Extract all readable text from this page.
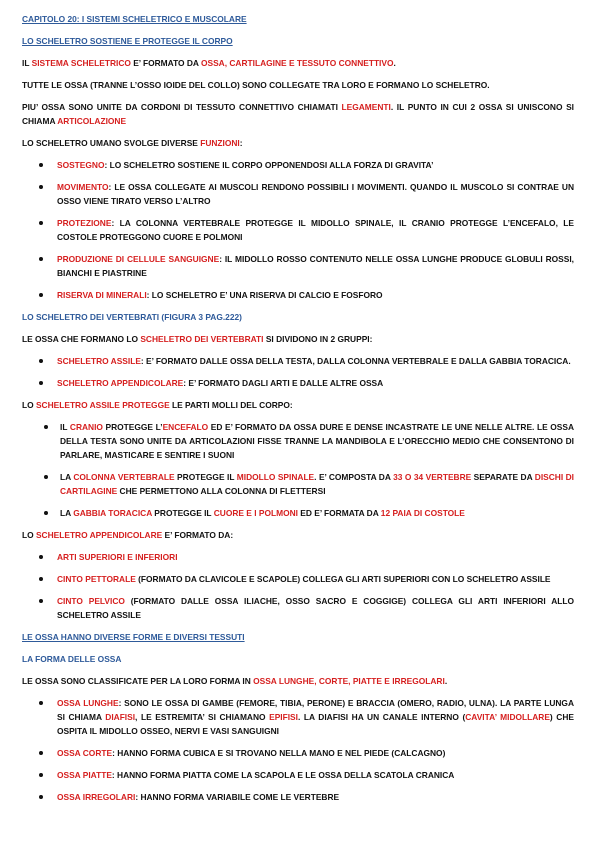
CAPITOLO 20: I SISTEMI SCHELETRICO E MUSCOLARE
LO SCHELETRO SOSTIENE E PROTEGGE IL CORPO

IL SISTEMA SCHELETRICO E’ FORMATO DA OSSA, CARTILAGINE E TESSUTO CONNETTIVO.

TUTTE LE OSSA (TRANNE L’OSSO IOIDE DEL COLLO) SONO COLLEGATE TRA LORO E FORMANO LO SCHELETRO.

PIU’ OSSA SONO UNITE DA CORDONI DI TESSUTO CONNETTIVO CHIAMATI LEGAMENTI. IL PUNTO IN CUI 2 OSSA SI UNISCONO SI CHIAMA ARTICOLAZIONE

LO SCHELETRO UMANO SVOLGE DIVERSE FUNZIONI:

SOSTEGNO: LO SCHELETRO SOSTIENE IL CORPO OPPONENDOSI ALLA FORZA DI GRAVITA’
MOVIMENTO: LE OSSA COLLEGATE AI MUSCOLI RENDONO POSSIBILI I MOVIMENTI. QUANDO IL MUSCOLO SI CONTRAE UN OSSO VIENE TIRATO VERSO L’ALTRO
PROTEZIONE: LA COLONNA VERTEBRALE PROTEGGE IL MIDOLLO SPINALE, IL CRANIO PROTEGGE L’ENCEFALO, LE COSTOLE PROTEGGONO CUORE E POLMONI
PRODUZIONE DI CELLULE SANGUIGNE: IL MIDOLLO ROSSO CONTENUTO NELLE OSSA LUNGHE PRODUCE GLOBULI ROSSI, BIANCHI E PIASTRINE
RISERVA DI MINERALI: LO SCHELETRO E’ UNA RISERVA DI CALCIO E FOSFORO
LO SCHELETRO DEI VERTEBRATI (FIGURA 3 PAG.222)

LE OSSA CHE FORMANO LO SCHELETRO DEI VERTEBRATI SI DIVIDONO IN 2 GRUPPI:

SCHELETRO ASSILE: E’ FORMATO DALLE OSSA DELLA TESTA, DALLA COLONNA VERTEBRALE E DALLA GABBIA TORACICA.
SCHELETRO APPENDICOLARE: E’ FORMATO DAGLI ARTI E DALLE ALTRE OSSA

LO SCHELETRO ASSILE PROTEGGE LE PARTI MOLLI DEL CORPO:

IL CRANIO PROTEGGE L’ENCEFALO ED E’ FORMATO DA OSSA DURE E DENSE INCASTRATE LE UNE NELLE ALTRE. LE OSSA DELLA TESTA SONO UNITE DA ARTICOLAZIONI FISSE TRANNE LA MANDIBOLA E L’ORECCHIO MEDIO CHE CONSENTONO DI PARLARE, MASTICARE E SENTIRE I SUONI
LA COLONNA VERTEBRALE PROTEGGE IL MIDOLLO SPINALE. E’ COMPOSTA DA 33 O 34 VERTEBRE SEPARATE DA DISCHI DI CARTILAGINE CHE PERMETTONO ALLA COLONNA DI FLETTERSI
LA GABBIA TORACICA PROTEGGE IL CUORE E I POLMONI ED E’ FORMATA DA 12 PAIA DI COSTOLE

LO SCHELETRO APPENDICOLARE E’ FORMATO DA:

ARTI SUPERIORI E INFERIORI
CINTO PETTORALE (FORMATO DA CLAVICOLE E SCAPOLE) COLLEGA GLI ARTI SUPERIORI CON LO SCHELETRO ASSILE
CINTO PELVICO (FORMATO DALLE OSSA ILIACHE, OSSO SACRO E COGGIGE) COLLEGA GLI ARTI INFERIORI ALLO SCHELETRO ASSILE
LE OSSA HANNO DIVERSE FORME E DIVERSI TESSUTI
LA FORMA DELLE OSSA

LE OSSA SONO CLASSIFICATE PER LA LORO FORMA IN OSSA LUNGHE, CORTE, PIATTE E IRREGOLARI.

OSSA LUNGHE: SONO LE OSSA DI GAMBE (FEMORE, TIBIA, PERONE) E BRACCIA (OMERO, RADIO, ULNA). LA PARTE LUNGA SI CHIAMA DIAFISI, LE ESTREMITA’ SI CHIAMANO EPIFISI. LA DIAFISI HA UN CANALE INTERNO (CAVITA’ MIDOLLARE) CHE OSPITA IL MIDOLLO OSSEO, NERVI E VASI SANGUIGNI
OSSA CORTE: HANNO FORMA CUBICA E SI TROVANO NELLA MANO E NEL PIEDE (CALCAGNO)
OSSA PIATTE: HANNO FORMA PIATTA COME LA SCAPOLA E LE OSSA DELLA SCATOLA CRANICA
OSSA IRREGOLARI: HANNO FORMA VARIABILE COME LE VERTEBRE
